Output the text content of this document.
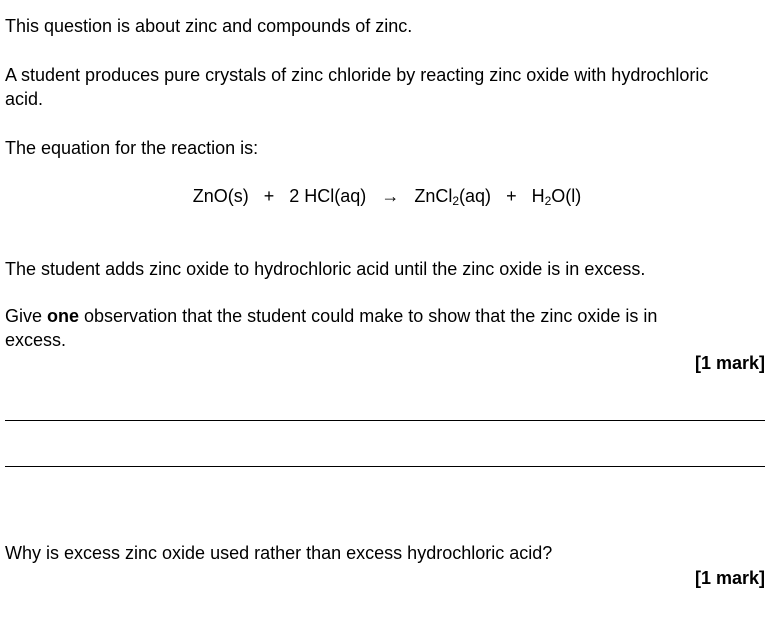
This question is about zinc and compounds of zinc.

A student produces pure crystals of zinc chloride by reacting zinc oxide with hydrochloric acid.

The equation for the reaction is:

ZnO(s) + 2 HCl(aq) → ZnCl$_2$(aq) + $H_2O(l)$

The student adds zinc oxide to hydrochloric acid until the zinc oxide is in excess.

Give one observation that the student could make to show that the zinc oxide is in excess.

[1 mark]

Why is excess zinc oxide used rather than excess hydrochloric acid?

[1 mark]
